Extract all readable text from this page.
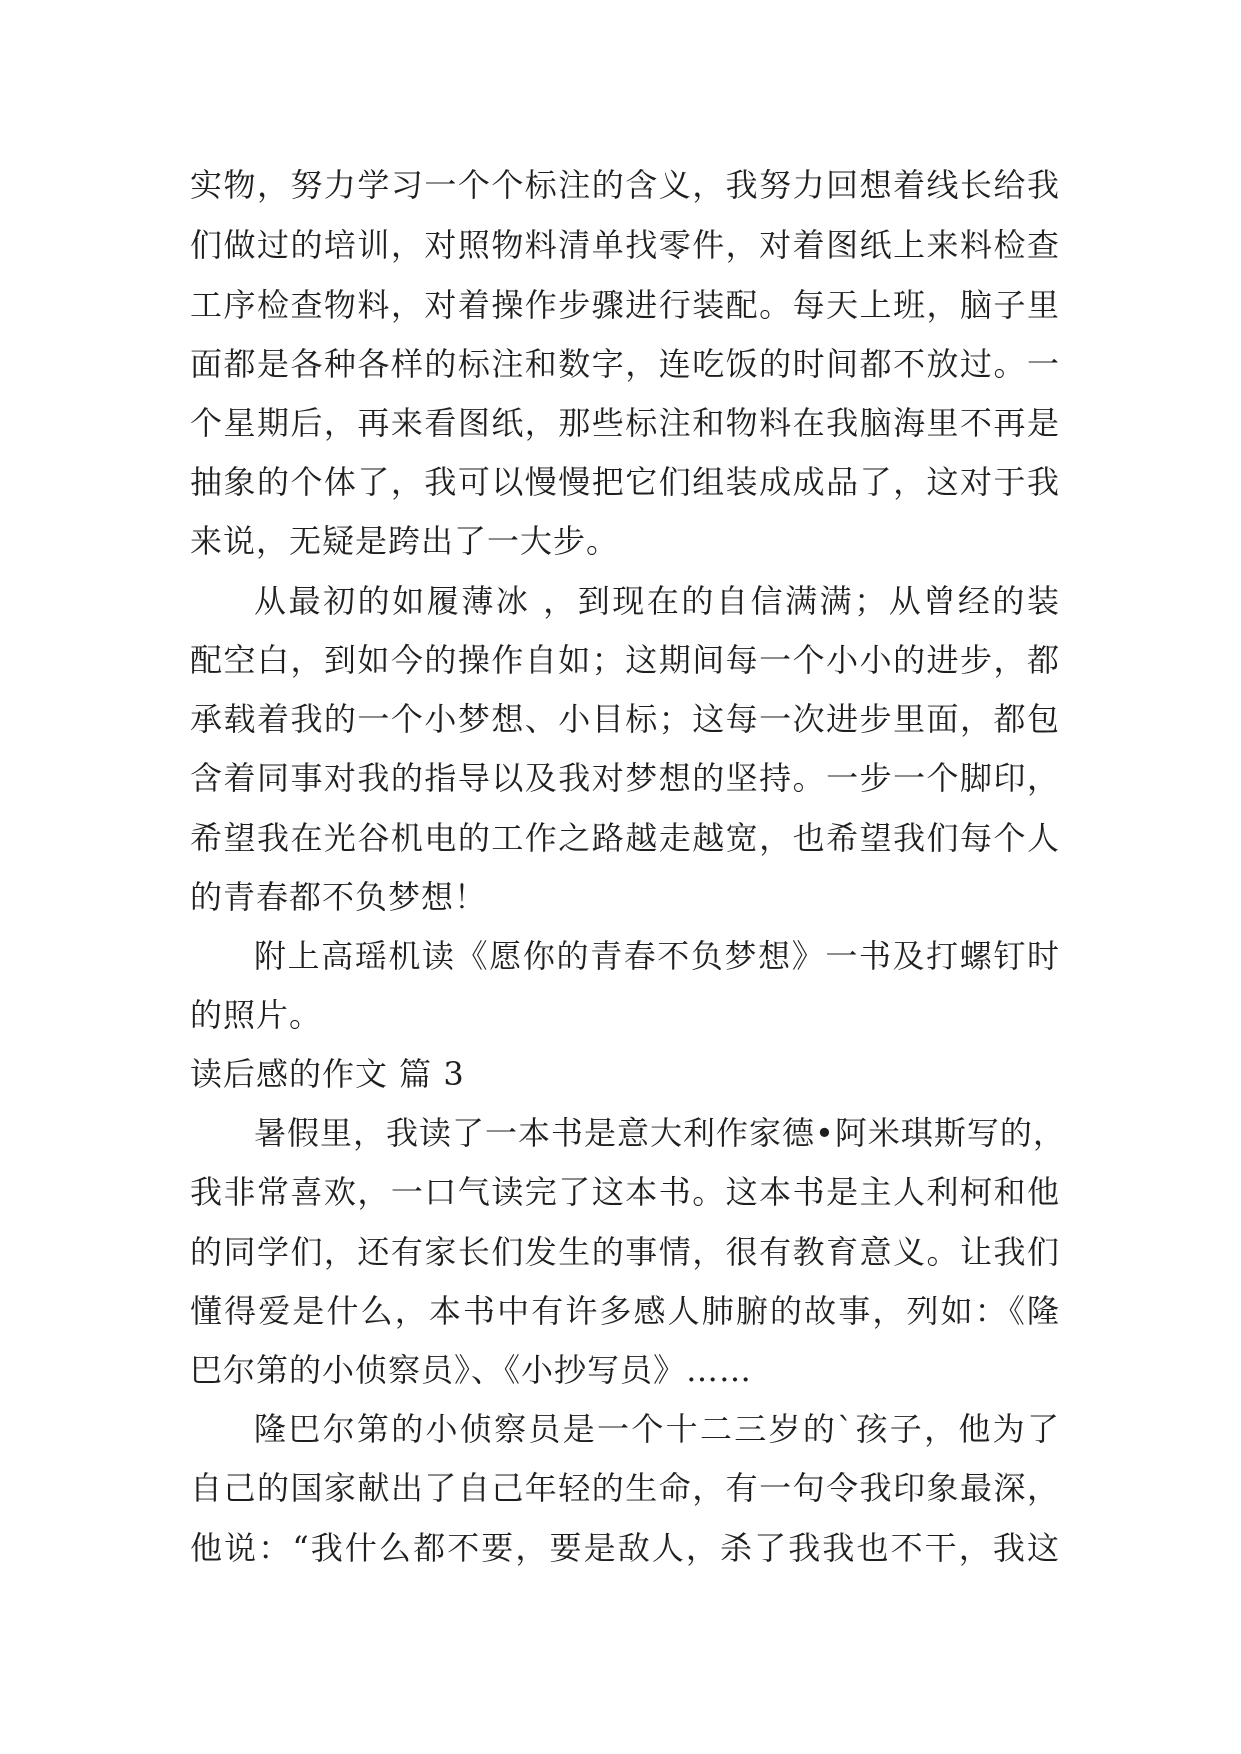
实物，努力学习一个个标注的含义，我努力回想着线长给我
们做过的培训，对照物料清单找零件，对着图纸上来料检查
工序检查物料，对着操作步骤进行装配。每天上班，脑子里
面都是各种各样的标注和数字，连吃饭的时间都不放过。一
个星期后，再来看图纸，那些标注和物料在我脑海里不再是
抽象的个体了，我可以慢慢把它们组装成成品了，这对于我
来说，无疑是跨出了一大步。
从最初的如履薄冰 ，到现在的自信满满；从曾经的装
配空白，到如今的操作自如；这期间每一个小小的进步，都
承载着我的一个小梦想、小目标；这每一次进步里面，都包
含着同事对我的指导以及我对梦想的坚持。一步一个脚印，
希望我在光谷机电的工作之路越走越宽，也希望我们每个人
的青春都不负梦想！
附上高瑶机读《愿你的青春不负梦想》一书及打螺钉时
的照片。
读后感的作文 篇 3
暑假里，我读了一本书是意大利作家德•阿米琪斯写的，
我非常喜欢，一口气读完了这本书。这本书是主人利柯和他
的同学们，还有家长们发生的事情，很有教育意义。让我们
懂得爱是什么，本书中有许多感人肺腑的故事，列如：《隆
巴尔第的小侦察员》、《小抄写员》……
隆巴尔第的小侦察员是一个十二三岁的`孩子，他为了
自己的国家献出了自己年轻的生命，有一句令我印象最深，
他说：“我什么都不要，要是敌人，杀了我我也不干，我这
